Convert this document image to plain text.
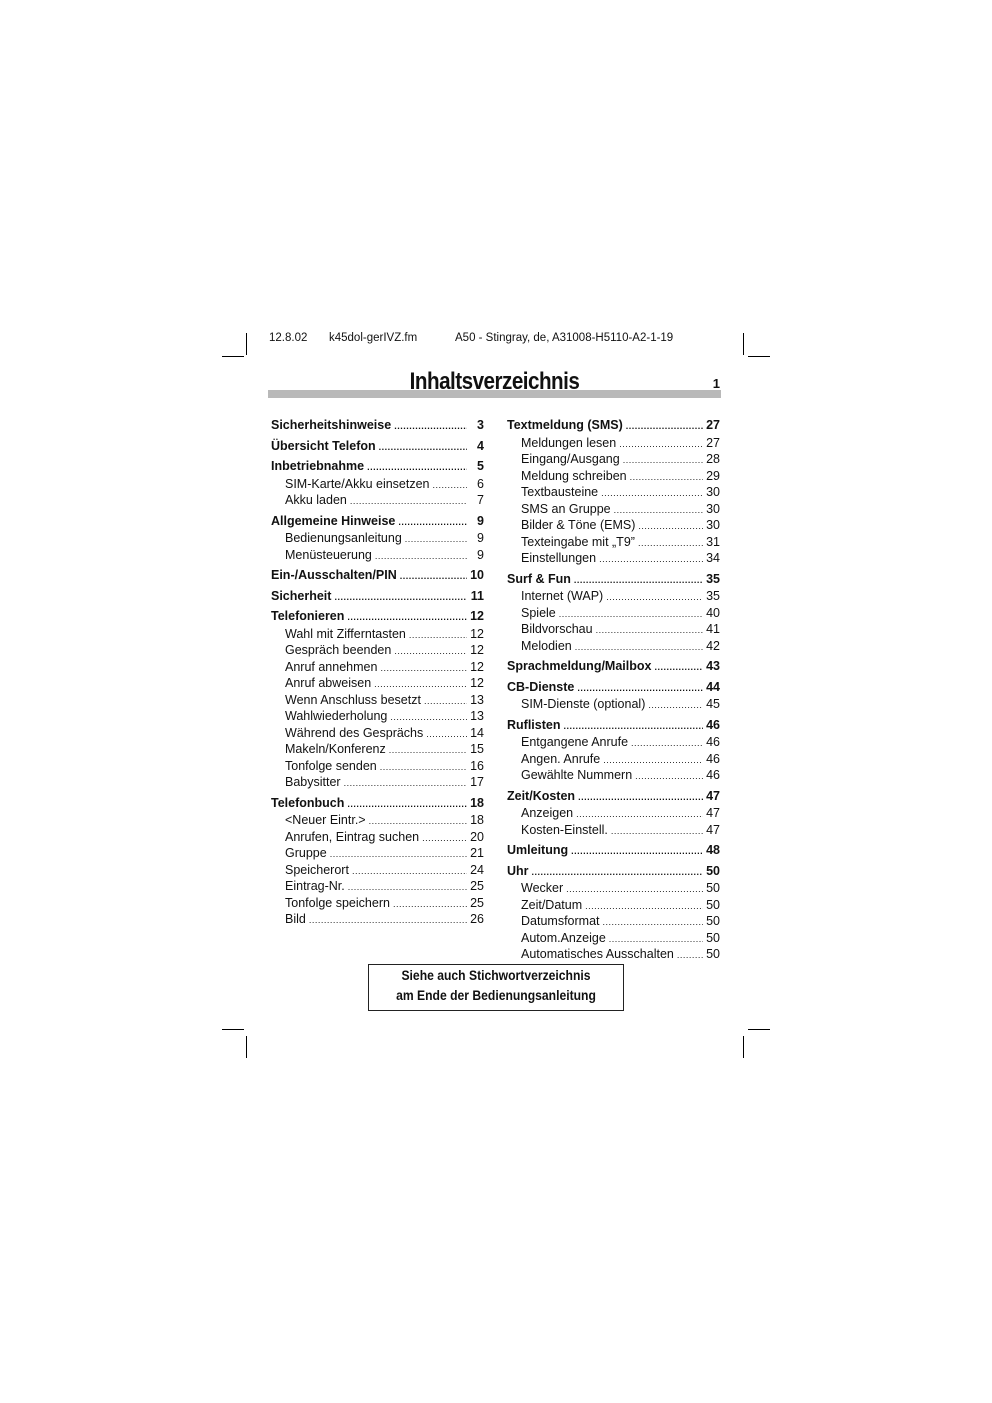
12.8.02 k45dol-gerIVZ.fm	A50 - Stingray, de, A31008-H5110-A2-1-19
Inhaltsverzeichnis	1
Sicherheitshinweise .....	3
Übersicht Telefon .....	4
Inbetriebnahme .....	5
SIM-Karte/Akku einsetzen .....	6
Akku laden .....	7
Allgemeine Hinweise .....	9
Bedienungsanleitung .....	9
Menüsteuerung .....	9
Ein-/Ausschalten/PIN .....	10
Sicherheit .....	11
Telefonieren .....	12
Wahl mit Zifferntasten .....	12
Gespräch beenden .....	12
Anruf annehmen .....	12
Anruf abweisen .....	12
Wenn Anschluss besetzt .....	13
Wahlwiederholung .....	13
Während des Gesprächs .....	14
Makeln/Konferenz .....	15
Tonfolge senden .....	16
Babysitter .....	17
Telefonbuch .....	18
<Neuer Eintr.> .....	18
Anrufen, Eintrag suchen .....	20
Gruppe .....	21
Speicherort .....	24
Eintrag-Nr. .....	25
Tonfolge speichern .....	25
Bild .....	26
Textmeldung (SMS) .....	27
Meldungen lesen .....	27
Eingang/Ausgang .....	28
Meldung schreiben .....	29
Textbausteine .....	30
SMS an Gruppe .....	30
Bilder & Töne (EMS) .....	30
Texteingabe mit „T9” .....	31
Einstellungen .....	34
Surf & Fun .....	35
Internet (WAP) .....	35
Spiele .....	40
Bildvorschau .....	41
Melodien .....	42
Sprachmeldung/Mailbox .....	43
CB-Dienste .....	44
SIM-Dienste (optional) .....	45
Ruflisten .....	46
Entgangene Anrufe .....	46
Angen. Anrufe .....	46
Gewählte Nummern .....	46
Zeit/Kosten .....	47
Anzeigen .....	47
Kosten-Einstell. .....	47
Umleitung .....	48
Uhr .....	50
Wecker .....	50
Zeit/Datum .....	50
Datumsformat .....	50
Autom.Anzeige .....	50
Automatisches Ausschalten .....	50
Siehe auch Stichwortverzeichnis
am Ende der Bedienungsanleitung
